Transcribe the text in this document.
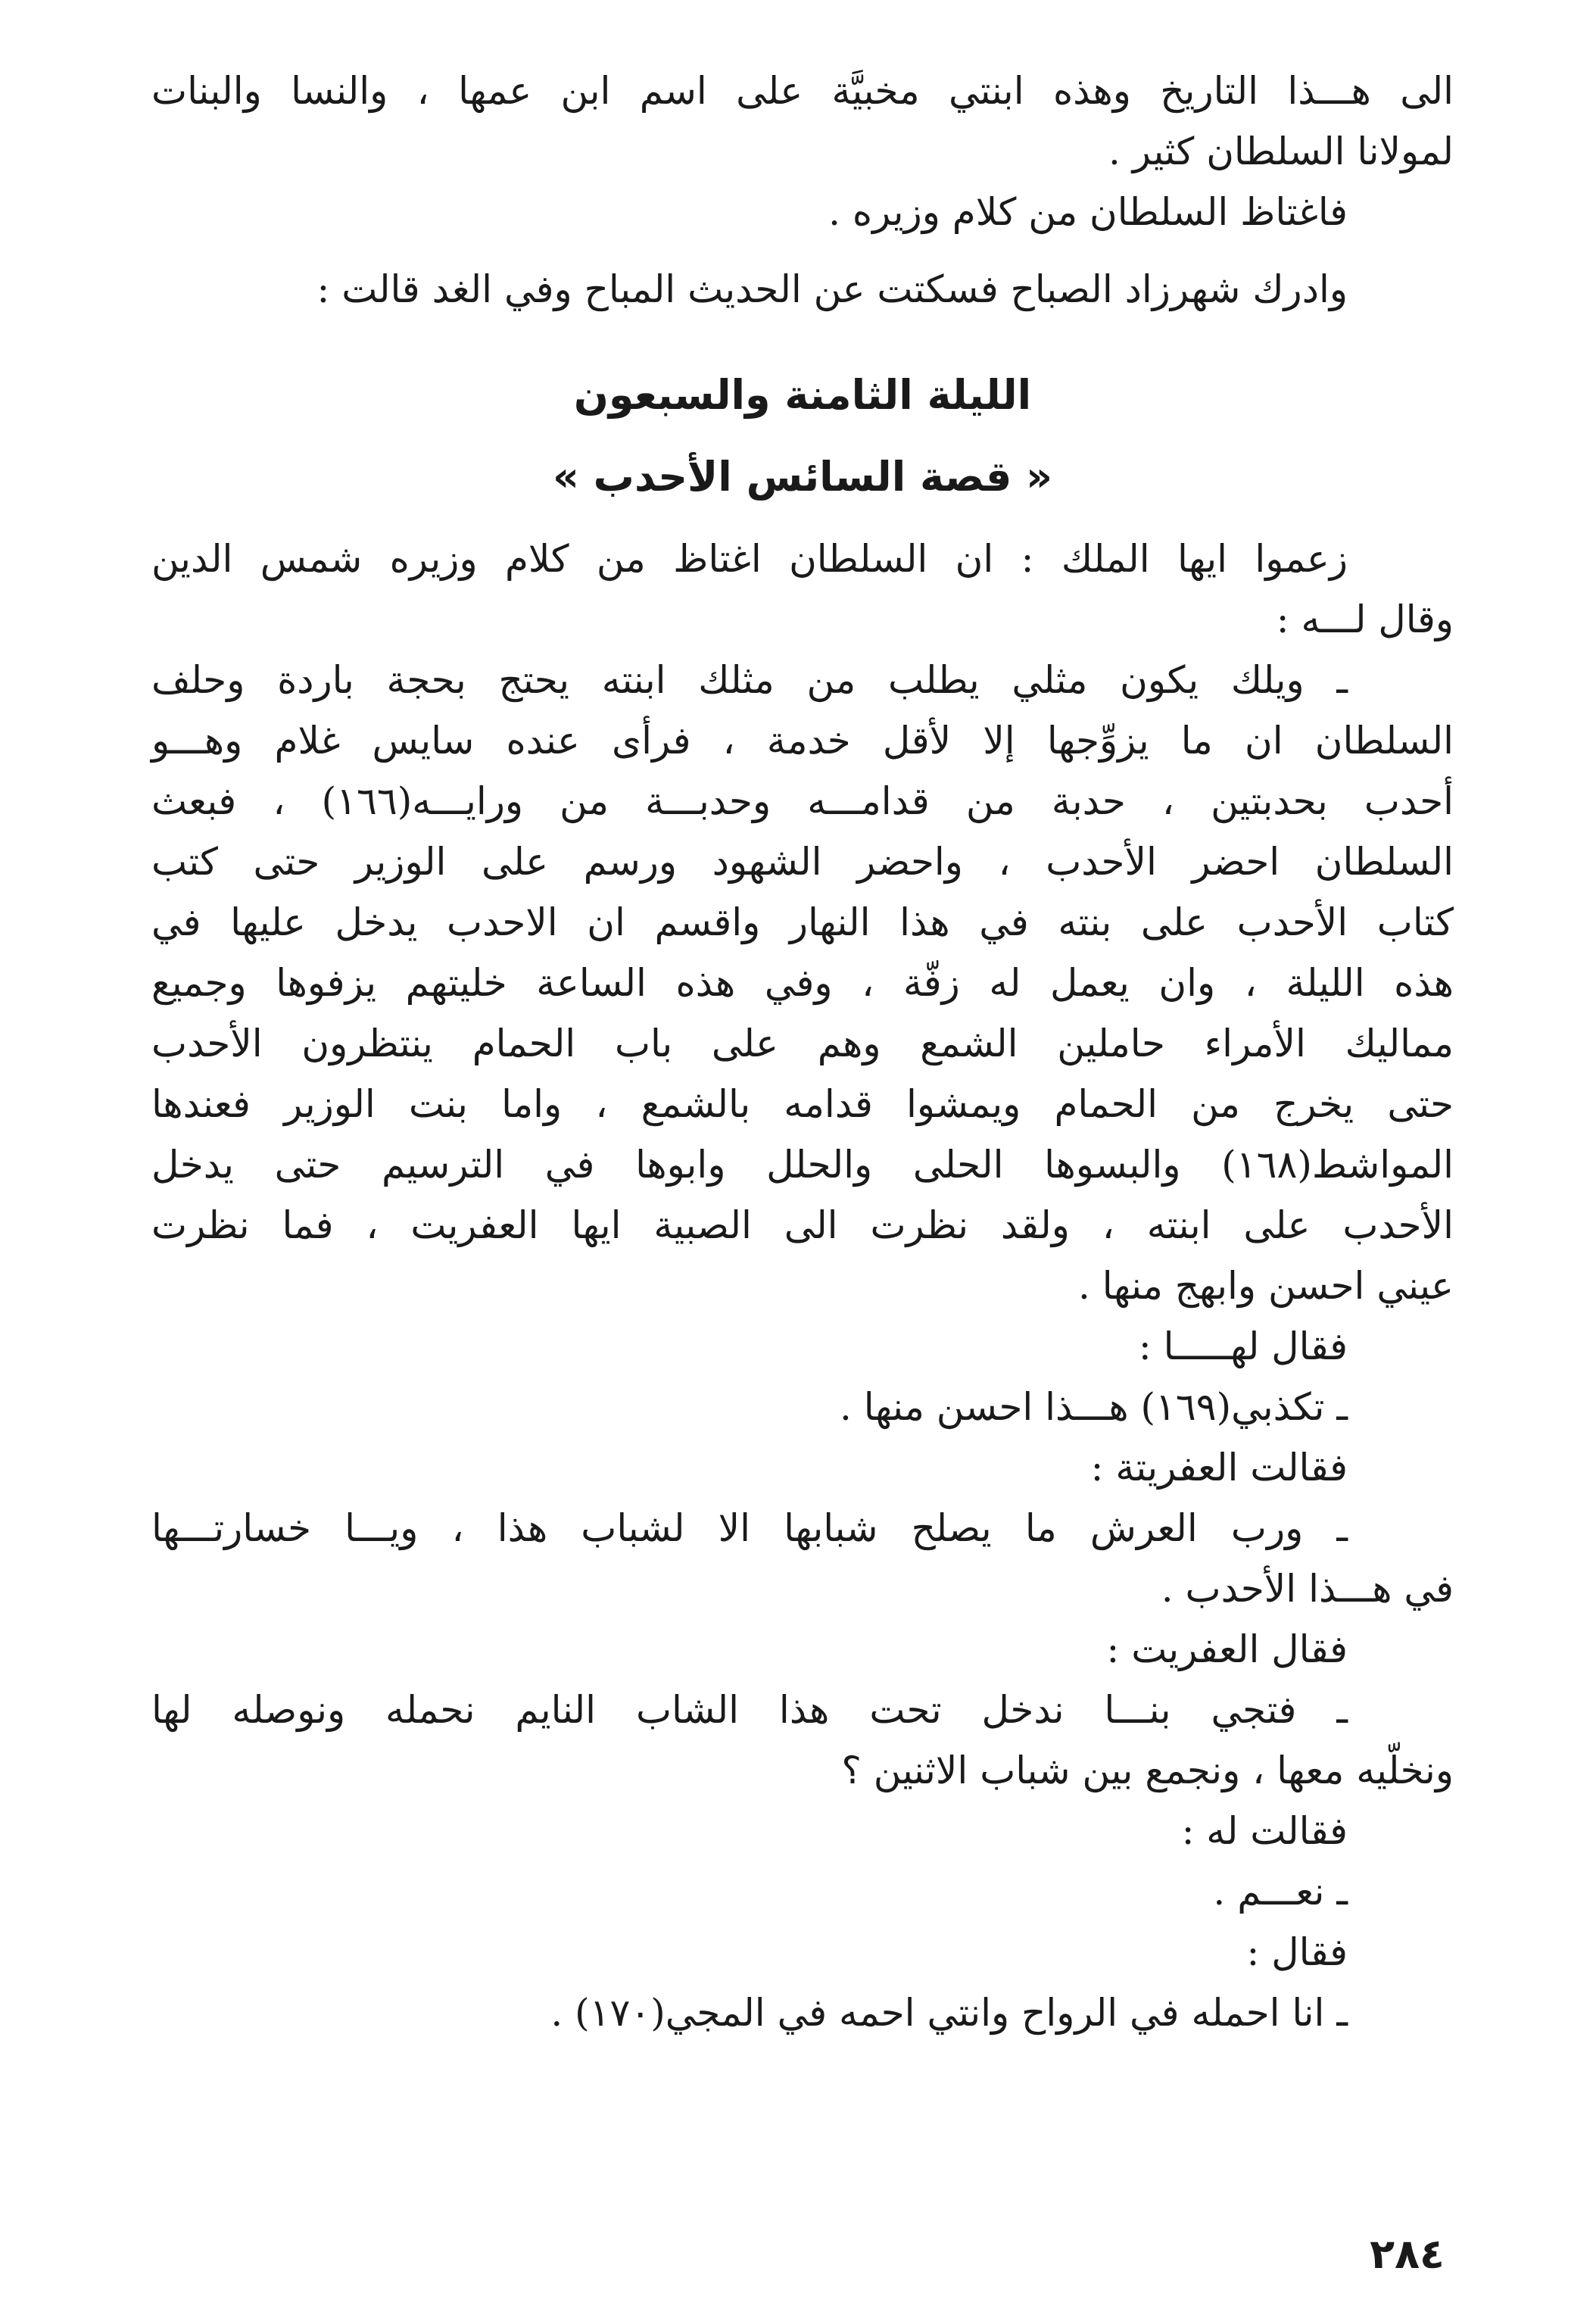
الى هـــذا التاريخ وهذه ابنتي مخبيَّة على اسم ابن عمها ، والنسا والبنات
لمولانا السلطان كثير .
فاغتاظ السلطان من كلام وزيره .
وادرك شهرزاد الصباح فسكتت عن الحديث المباح وفي الغد قالت :
الليلة الثامنة والسبعون
« قصة السائس الأحدب »
زعموا ايها الملك : ان السلطان اغتاظ من كلام وزيره شمس الدين
وقال لـــه :
ـ ويلك يكون مثلي يطلب من مثلك ابنته يحتج بحجة باردة وحلف
السلطان ان ما يزوِّجها إلا لأقل خدمة ، فرأى عنده سايس غلام وهـــو
أحدب بحدبتين ، حدبة من قدامـــه وحدبـــة من ورايـــه(١٦٦) ، فبعث
السلطان احضر الأحدب ، واحضر الشهود ورسم على الوزير حتى كتب
كتاب الأحدب على بنته في هذا النهار واقسم ان الاحدب يدخل عليها في
هذه الليلة ، وان يعمل له زفّة ، وفي هذه الساعة خليتهم يزفوها وجميع
مماليك الأمراء حاملين الشمع وهم على باب الحمام ينتظرون الأحدب
حتى يخرج من الحمام ويمشوا قدامه بالشمع ، واما بنت الوزير فعندها
المواشط(١٦٨) والبسوها الحلى والحلل وابوها في الترسيم حتى يدخل
الأحدب على ابنته ، ولقد نظرت الى الصبية ايها العفريت ، فما نظرت
عيني احسن وابهج منها .
فقال لهـــــا :
ـ تكذبي(١٦٩) هـــذا احسن منها .
فقالت العفريتة :
ـ ورب العرش ما يصلح شبابها الا لشباب هذا ، ويـــا خسارتـــها
في هـــذا الأحدب .
فقال العفريت :
ـ فتجي بنـــا ندخل تحت هذا الشاب النايم نحمله ونوصله لها
ونخلّيه معها ، ونجمع بين شباب الاثنين ؟
فقالت له :
ـ نعـــم .
فقال :
ـ انا احمله في الرواح وانتي احمه في المجي(١٧٠) .
٢٨٤
